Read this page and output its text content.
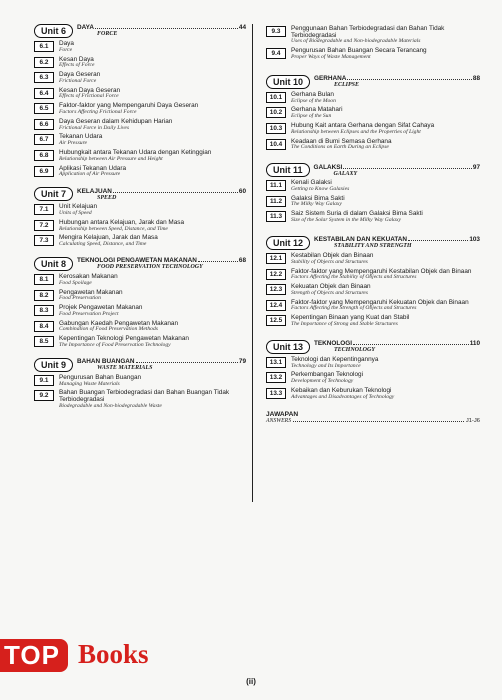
Unit 6	DAYA	44
FORCE
6.1	Daya
Force
6.2	Kesan Daya
Effects of Force
6.3	Daya Geseran
Frictional Force
6.4	Kesan Daya Geseran
Effects of Frictional Force
6.5	Faktor-faktor yang Mempengaruhi Daya Geseran
Factors Affecting Frictional Force
6.6	Daya Geseran dalam Kehidupan Harian
Frictional Force in Daily Lives
6.7	Tekanan Udara
Air Pressure
6.8	Hubungkait antara Tekanan Udara dengan Ketinggian
Relationship between Air Pressure and Height
6.9	Aplikasi Tekanan Udara
Application of Air Pressure
Unit 7	KELAJUAN	60
SPEED
7.1	Unit Kelajuan
Units of Speed
7.2	Hubungan antara Kelajuan, Jarak dan Masa
Relationship between Speed, Distance, and Time
7.3	Mengira Kelajuan, Jarak dan Masa
Calculating Speed, Distance, and Time
Unit 8	TEKNOLOGI PENGAWETAN MAKANAN	68
FOOD PRESERVATION TECHNOLOGY
8.1	Kerosakan Makanan
Food Spoilage
8.2	Pengawetan Makanan
Food Preservation
8.3	Projek Pengawetan Makanan
Food Preservation Project
8.4	Gabungan Kaedah Pengawetan Makanan
Combination of Food Preservation Methods
8.5	Kepentingan Teknologi Pengawetan Makanan
The Importance of Food Preservation Technology
Unit 9	BAHAN BUANGAN	79
WASTE MATERIALS
9.1	Pengurusan Bahan Buangan
Managing Waste Materials
9.2	Bahan Buangan Terbiodegradasi dan Bahan Buangan Tidak Terbiodegradasi
Biodegradable and Non-biodegradable Waste
9.3	Penggunaan Bahan Terbiodegradasi dan Bahan Tidak Terbiodegradasi
Uses of Biodegradable and Non-biodegradable Materials
9.4	Pengurusan Bahan Buangan Secara Terancang
Proper Ways of Waste Management
Unit 10	GERHANA	88
ECLIPSE
10.1	Gerhana Bulan
Eclipse of the Moon
10.2	Gerhana Matahari
Eclipse of the Sun
10.3	Hubung Kait antara Gerhana dengan Sifat Cahaya
Relationship between Eclipses and the Properties of Light
10.4	Keadaan di Bumi Semasa Gerhana
The Conditions on Earth During an Eclipse
Unit 11	GALAKSI	97
GALAXY
11.1	Kenali Galaksi
Getting to Know Galaxies
11.2	Galaksi Bima Sakti
The Milky Way Galaxy
11.3	Saiz Sistem Suria di dalam Galaksi Bima Sakti
Size of the Solar System in the Milky Way Galaxy
Unit 12	KESTABILAN DAN KEKUATAN	103
STABILITY AND STRENGTH
12.1	Kestabilan Objek dan Binaan
Stability of Objects and Structures
12.2	Faktor-faktor yang Mempengaruhi Kestabilan Objek dan Binaan
Factors Affecting the Stability of Objects and Structures
12.3	Kekuatan Objek dan Binaan
Strength of Objects and Structures
12.4	Faktor-faktor yang Mempengaruhi Kekuatan Objek dan Binaan
Factors Affecting the Strength of Objects and Structures
12.5	Kepentingan Binaan yang Kuat dan Stabil
The Importance of Strong and Stable Structures
Unit 13	TEKNOLOGI	110
TECHNOLOGY
13.1	Teknologi dan Kepentingannya
Technology and Its Importance
13.2	Perkembangan Teknologi
Development of Technology
13.3	Kebaikan dan Keburukan Teknologi
Advantages and Disadvantages of Technology
JAWAPAN
ANSWERS	J1-J6
TOP Books
(ii)
